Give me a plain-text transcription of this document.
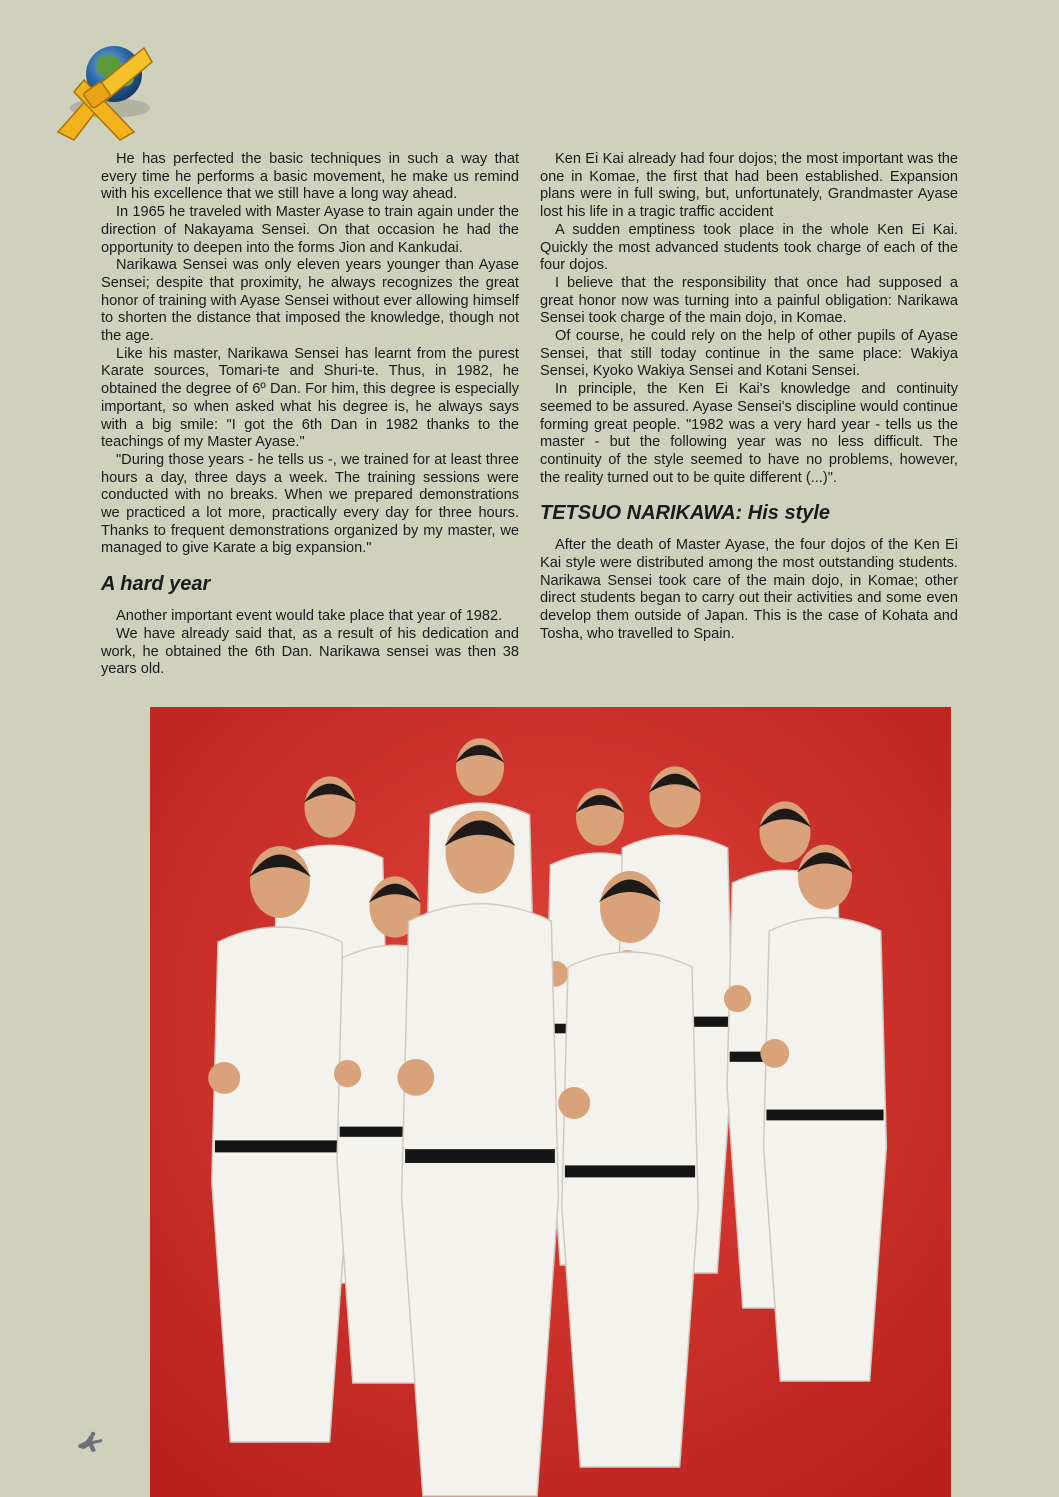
He has perfected the basic techniques in such a way that every time he performs a basic movement, he make us remind with his excellence that we still have a long way ahead.

In 1965 he traveled with Master Ayase to train again under the direction of Nakayama Sensei. On that occasion he had the opportunity to deepen into the forms Jion and Kankudai.

Narikawa Sensei was only eleven years younger than Ayase Sensei; despite that proximity, he always recognizes the great honor of training with Ayase Sensei without ever allowing himself to shorten the distance that imposed the knowledge, though not the age.

Like his master, Narikawa Sensei has learnt from the purest Karate sources, Tomari-te and Shuri-te. Thus, in 1982, he obtained the degree of 6º Dan. For him, this degree is especially important, so when asked what his degree is, he always says with a big smile: "I got the 6th Dan in 1982 thanks to the teachings of my Master Ayase."

"During those years - he tells us -, we trained for at least three hours a day, three days a week. The training sessions were conducted with no breaks. When we prepared demonstrations we practiced a lot more, practically every day for three hours. Thanks to frequent demonstrations organized by my master, we managed to give Karate a big expansion."

A hard year

Another important event would take place that year of 1982.

We have already said that, as a result of his dedication and work, he obtained the 6th Dan. Narikawa sensei was then 38 years old.

Ken Ei Kai already had four dojos; the most important was the one in Komae, the first that had been established. Expansion plans were in full swing, but, unfortunately, Grandmaster Ayase lost his life in a tragic traffic accident

A sudden emptiness took place in the whole Ken Ei Kai. Quickly the most advanced students took charge of each of the four dojos.

I believe that the responsibility that once had supposed a great honor now was turning into a painful obligation: Narikawa Sensei took charge of the main dojo, in Komae.

Of course, he could rely on the help of other pupils of Ayase Sensei, that still today continue in the same place: Wakiya Sensei, Kyoko Wakiya Sensei and Kotani Sensei.

In principle, the Ken Ei Kai's knowledge and continuity seemed to be assured. Ayase Sensei's discipline would continue forming great people. "1982 was a very hard year - tells us the master - but the following year was no less difficult. The continuity of the style seemed to have no problems, however, the reality turned out to be quite different (...)".

TETSUO NARIKAWA: His style

After the death of Master Ayase, the four dojos of the Ken Ei Kai style were distributed among the most outstanding students. Narikawa Sensei took care of the main dojo, in Komae; other direct students began to carry out their activities and some even develop them outside of Japan. This is the case of Kohata and Tosha, who travelled to Spain.
